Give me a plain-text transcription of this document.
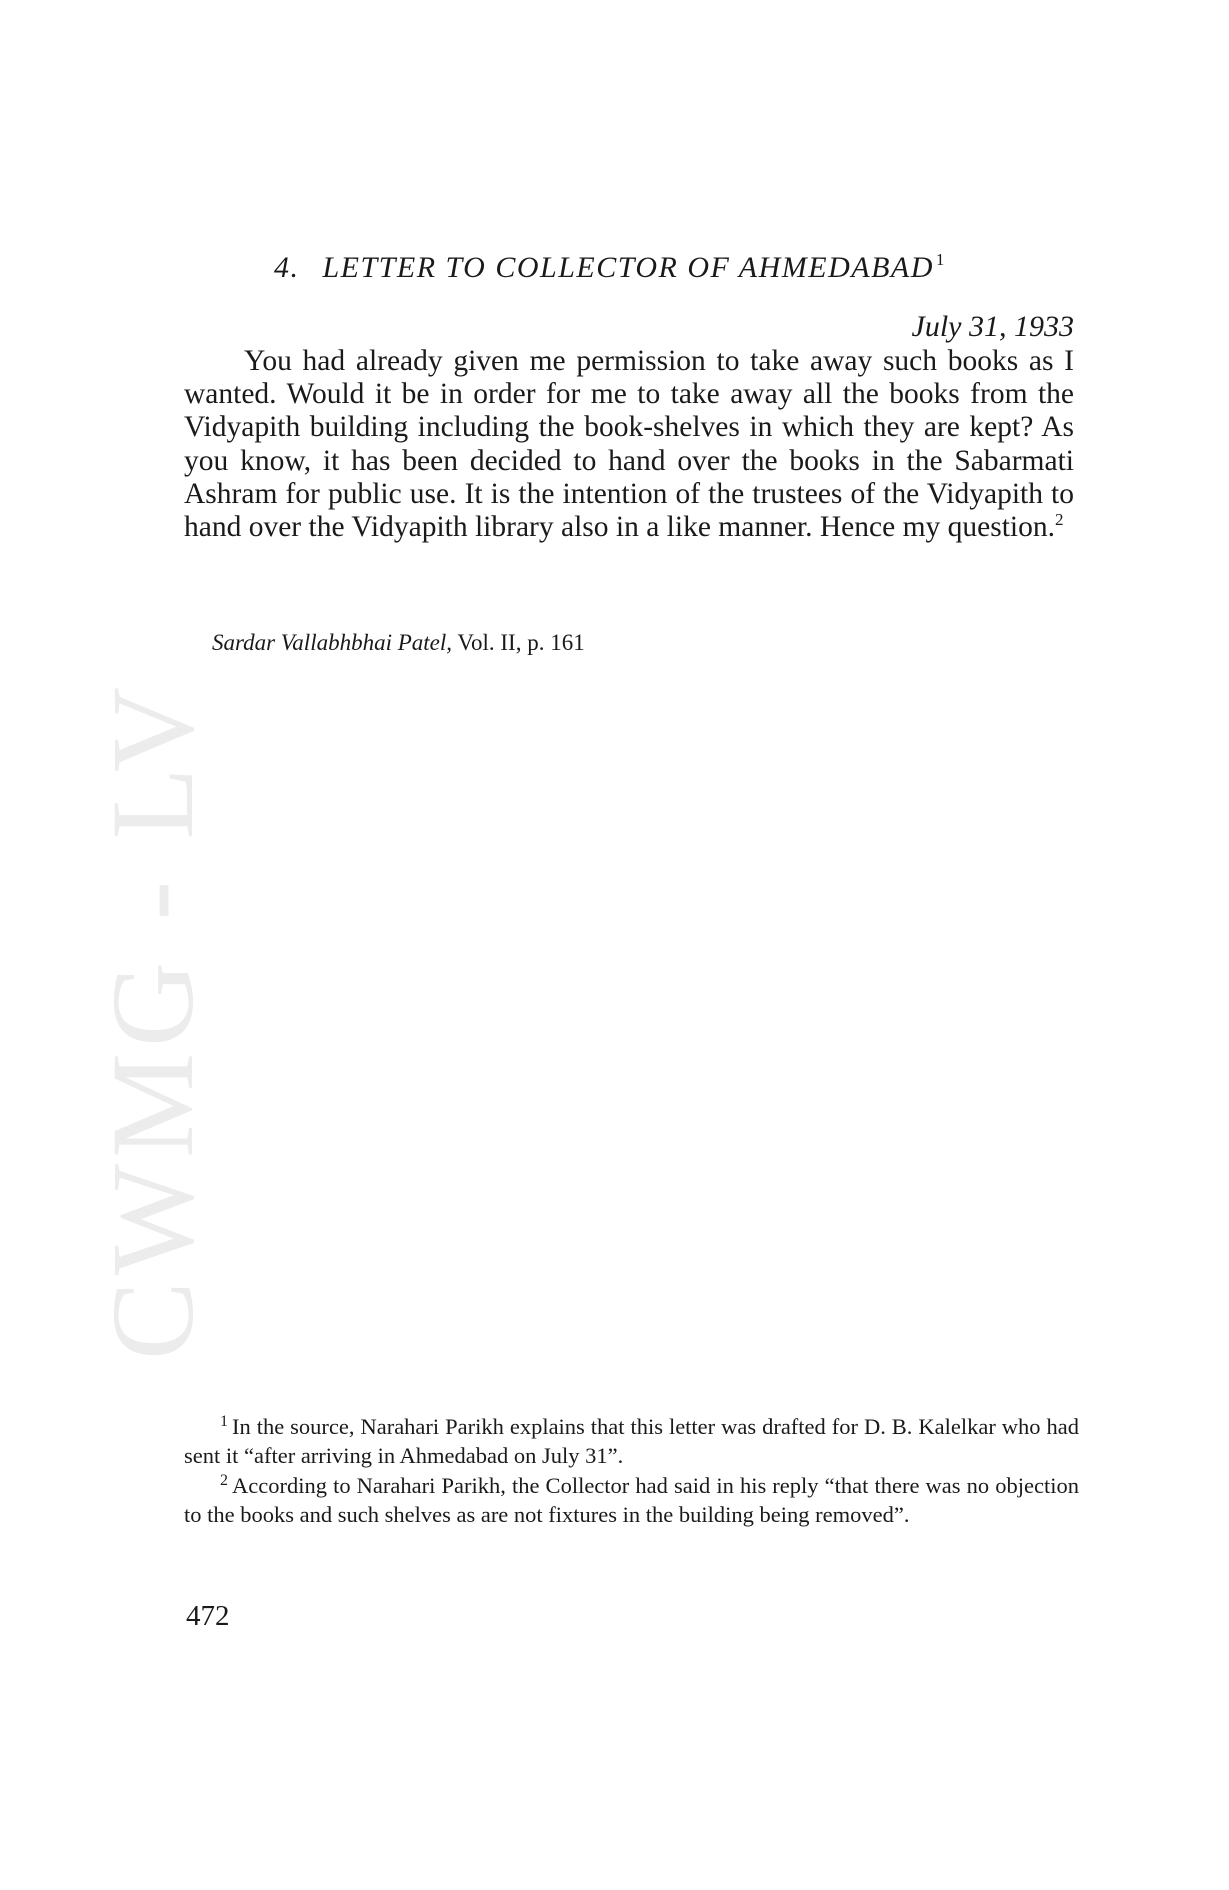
CWMG - LV
4. LETTER TO COLLECTOR OF AHMEDABAD $^1$
July 31, 1933

You had already given me permission to take away such books as I wanted. Would it be in order for me to take away all the books from the Vidyapith building including the book-shelves in which they are kept? As you know, it has been decided to hand over the books in the Sabarmati Ashram for public use. It is the intention of the trustees of the Vidyapith to hand over the Vidyapith library also in a like manner. Hence my question.$^2$

Sardar Vallabhbhai Patel, Vol. II, p. 161

$^1$ In the source, Narahari Parikh explains that this letter was drafted for D. B. Kalelkar who had sent it “after arriving in Ahmedabad on July 31”.

$^2$ According to Narahari Parikh, the Collector had said in his reply “that there was no objection to the books and such shelves as are not fixtures in the building being removed”.

472
